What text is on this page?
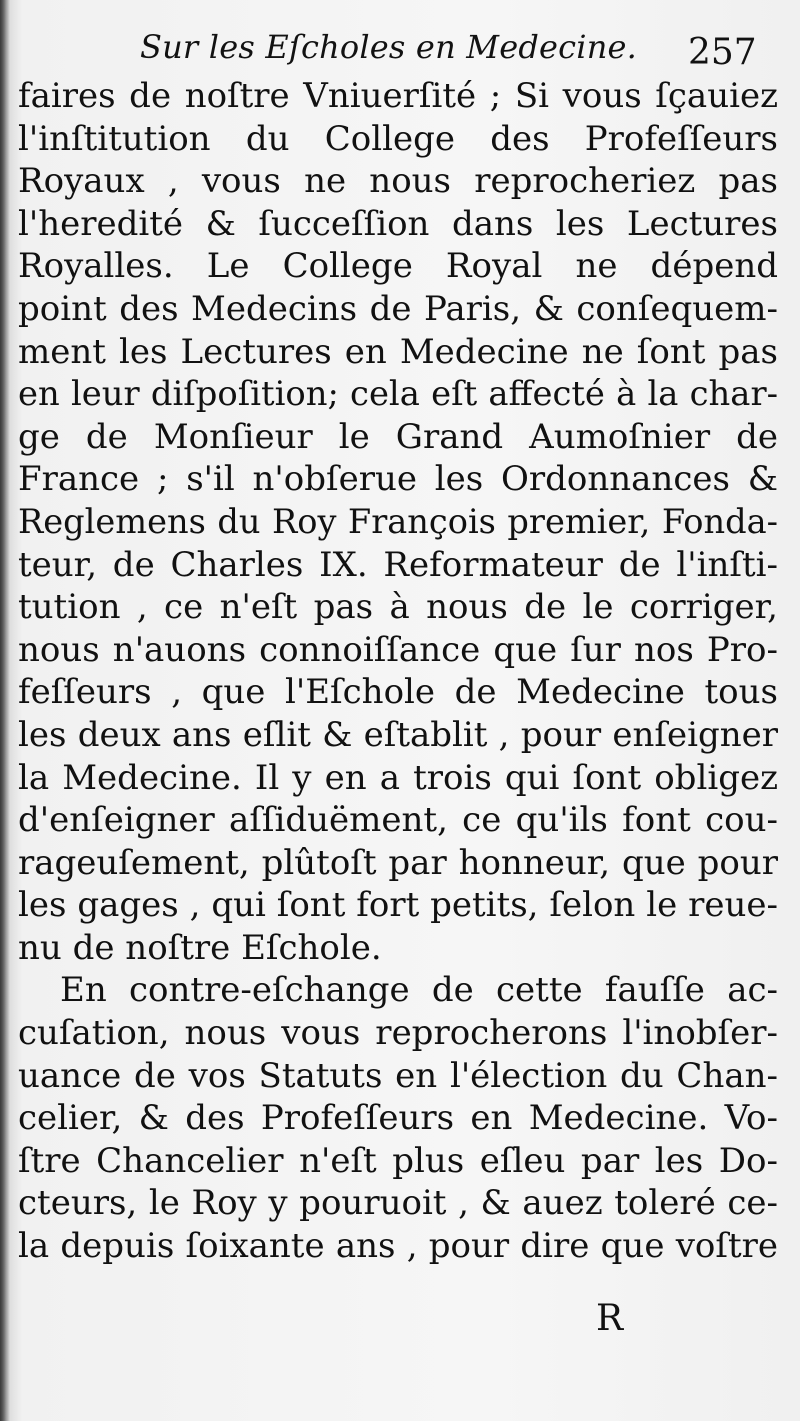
Sur les Eſcholes en Medecine. 257
faires de noſtre Vniuerſité ; Si vous ſçauiez
l'inſtitution du College des Profeſſeurs
Royaux , vous ne nous reprocheriez pas
l'heredité & ſucceſſion dans les Lectures
Royalles. Le College Royal ne dépend
point des Medecins de Paris, & conſequem-
ment les Lectures en Medecine ne ſont pas
en leur diſpoſition; cela eſt affecté à la char-
ge de Monſieur le Grand Aumoſnier de
France ; s'il n'obſerue les Ordonnances &
Reglemens du Roy François premier, Fonda-
teur, de Charles IX. Reformateur de l'inſti-
tution , ce n'eſt pas à nous de le corriger,
nous n'auons connoiſſance que ſur nos Pro-
feſſeurs , que l'Eſchole de Medecine tous
les deux ans eſlit & eſtablit , pour enſeigner
la Medecine. Il y en a trois qui ſont obligez
d'enſeigner aſſiduëment, ce qu'ils font cou-
rageuſement, plûtoſt par honneur, que pour
les gages , qui ſont fort petits, ſelon le reue-
nu de noſtre Eſchole.
En contre-eſchange de cette fauſſe ac-
cuſation, nous vous reprocherons l'inobſer-
uance de vos Statuts en l'élection du Chan-
celier, & des Profeſſeurs en Medecine. Vo-
ſtre Chancelier n'eſt plus eſleu par les Do-
cteurs, le Roy y pouruoit , & auez toleré ce-
la depuis ſoixante ans , pour dire que voſtre
R
